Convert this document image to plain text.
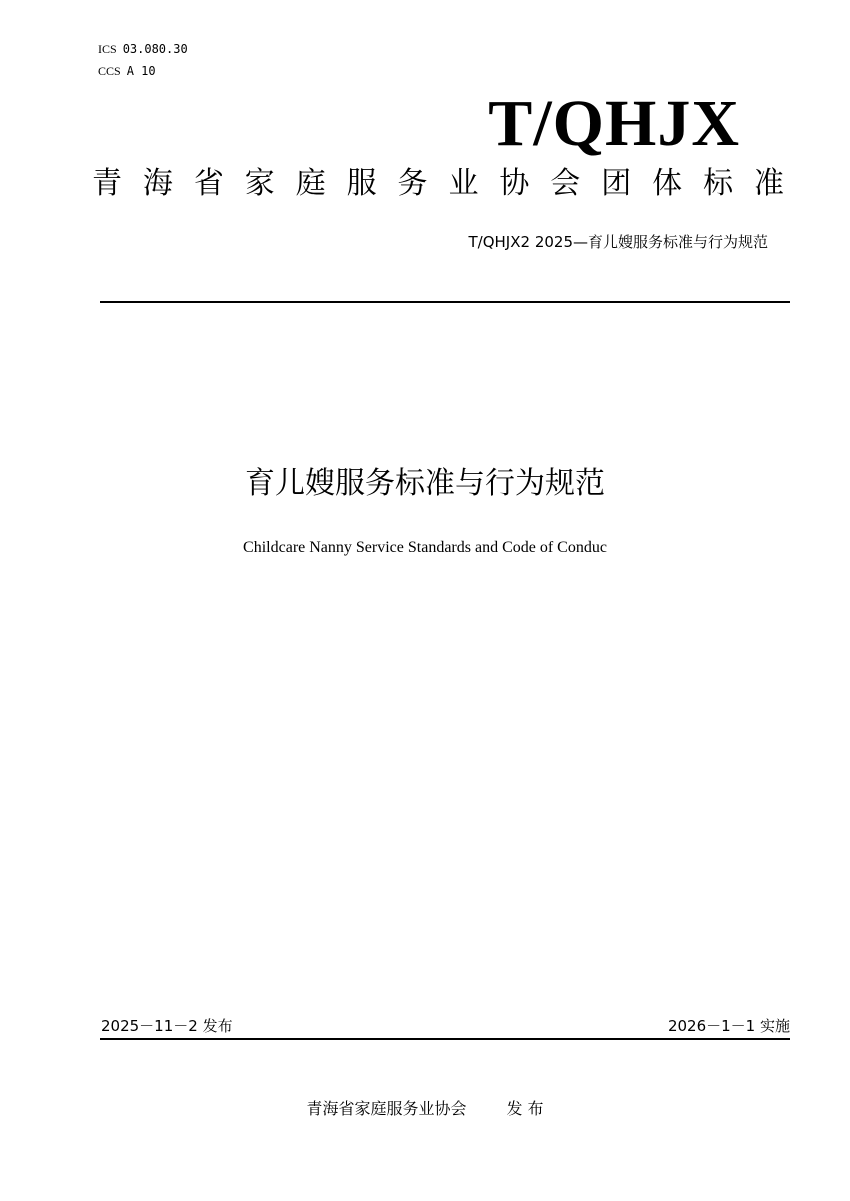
ICS 03.080.30
CCS A 10
T/QHJX
青 海 省 家 庭 服 务 业 协 会 团 体 标 准
T/QHJX2 2025—育儿嫂服务标准与行为规范
育儿嫂服务标准与行为规范
Childcare Nanny Service Standards and Code of Conduc
2025－11－2 发布	2026－1－1 实施
青海省家庭服务业协会	发 布
